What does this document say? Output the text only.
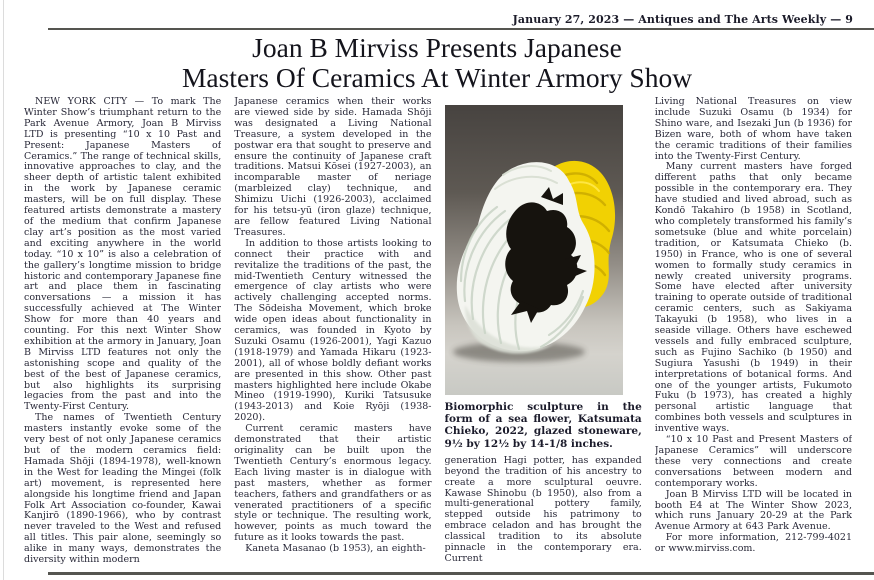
January 27, 2023 — Antiques and The Arts Weekly — 9
Joan B Mirviss Presents Japanese
Masters Of Ceramics At Winter Armory Show

NEW YORK CITY — To mark The Winter Show’s triumphant return to the Park Avenue Armory, Joan B Mirviss LTD is presenting “10 x 10 Past and Present: Japanese Masters of Ceramics.” The range of technical skills, innovative approaches to clay, and the sheer depth of artistic talent exhibited in the work by Japanese ceramic masters, will be on full display. These featured artists demonstrate a mastery of the medium that confirm Japanese clay art’s position as the most varied and exciting anywhere in the world today. “10 x 10” is also a celebration of the gallery’s longtime mission to bridge historic and contemporary Japanese fine art and place them in fascinating conversations — a mission it has successfully achieved at The Winter Show for more than 40 years and counting. For this next Winter Show exhibition at the armory in January, Joan B Mirviss LTD features not only the astonishing scope and quality of the best of the best of Japanese ceramics, but also highlights its surprising legacies from the past and into the Twenty-First Century.

The names of Twentieth Century masters instantly evoke some of the very best of not only Japanese ceramics but of the modern ceramics field: Hamada Shōji (1894-1978), well-known in the West for leading the Mingei (folk art) movement, is represented here alongside his longtime friend and Japan Folk Art Association co-founder, Kawai Kanjirō (1890-1966), who by contrast never traveled to the West and refused all titles. This pair alone, seemingly so alike in many ways, demonstrates the diversity within modern

Japanese ceramics when their works are viewed side by side. Hamada Shōji was designated a Living National Treasure, a system developed in the postwar era that sought to preserve and ensure the continuity of Japanese craft traditions. Matsui Kōsei (1927-2003), an incomparable master of neriage (marbleized clay) technique, and Shimizu Uichi (1926-2003), acclaimed for his tetsu-yū (iron glaze) technique, are fellow featured Living National Treasures.

In addition to those artists looking to connect their practice with and revitalize the traditions of the past, the mid-Twentieth Century witnessed the emergence of clay artists who were actively challenging accepted norms. The Sōdeisha Movement, which broke wide open ideas about functionality in ceramics, was founded in Kyoto by Suzuki Osamu (1926-2001), Yagi Kazuo (1918-1979) and Yamada Hikaru (1923-2001), all of whose boldly defiant works are presented in this show. Other past masters highlighted here include Okabe Mineo (1919-1990), Kuriki Tatsusuke (1943-2013) and Koie Ryōji (1938-2020).

Current ceramic masters have demonstrated that their artistic originality can be built upon the Twentieth Century’s enormous legacy. Each living master is in dialogue with past masters, whether as former teachers, fathers and grandfathers or as venerated practitioners of a specific style or technique. The resulting work, however, points as much toward the future as it looks towards the past.

Kaneta Masanao (b 1953), an eighth-

Biomorphic sculpture in the form of a sea flower, Katsumata Chieko, 2022, glazed stoneware, 9½ by 12½ by 14-1/8 inches.

generation Hagi potter, has expanded beyond the tradition of his ancestry to create a more sculptural oeuvre. Kawase Shinobu (b 1950), also from a multi-generational pottery family, stepped outside his patrimony to embrace celadon and has brought the classical tradition to its absolute pinnacle in the contemporary era. Current

Living National Treasures on view include Suzuki Osamu (b 1934) for Shino ware, and Isezaki Jun (b 1936) for Bizen ware, both of whom have taken the ceramic traditions of their families into the Twenty-First Century.

Many current masters have forged different paths that only became possible in the contemporary era. They have studied and lived abroad, such as Kondō Takahiro (b 1958) in Scotland, who completely transformed his family’s sometsuke (blue and white porcelain) tradition, or Katsumata Chieko (b. 1950) in France, who is one of several women to formally study ceramics in newly created university programs. Some have elected after university training to operate outside of traditional ceramic centers, such as Sakiyama Takayuki (b 1958), who lives in a seaside village. Others have eschewed vessels and fully embraced sculpture, such as Fujino Sachiko (b 1950) and Sugiura Yasushi (b 1949) in their interpretations of botanical forms. And one of the younger artists, Fukumoto Fuku (b 1973), has created a highly personal artistic language that combines both vessels and sculptures in inventive ways.

“10 x 10 Past and Present Masters of Japanese Ceramics” will underscore these very connections and create conversations between modern and contemporary works.

Joan B Mirviss LTD will be located in booth E4 at The Winter Show 2023, which runs January 20-29 at the Park Avenue Armory at 643 Park Avenue.

For more information, 212-799-4021 or www.mirviss.com.
